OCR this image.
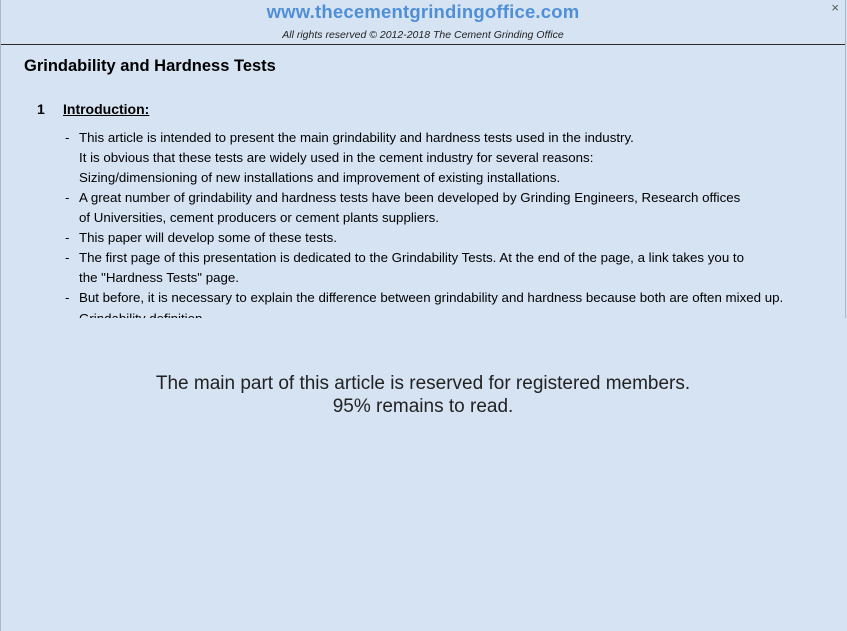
www.thecementgrindingoffice.com
All rights reserved © 2012-2018 The Cement Grinding Office
×
Grindability and Hardness Tests
1 Introduction:
- This article is intended to present the main grindability and hardness tests used in the industry.
It is obvious that these tests are widely used in the cement industry for several reasons:
Sizing/dimensioning of new installations and improvement of existing installations.
- A great number of grindability and hardness tests have been developed by Grinding Engineers, Research offices
of Universities, cement producers or cement plants suppliers.
- This paper will develop some of these tests.
- The first page of this presentation is dedicated to the Grindability Tests. At the end of the page, a link takes you to
the "Hardness Tests" page.
- But before, it is necessary to explain the difference between grindability and hardness because both are often mixed up.
The main part of this article is reserved for registered members.
95% remains to read.
